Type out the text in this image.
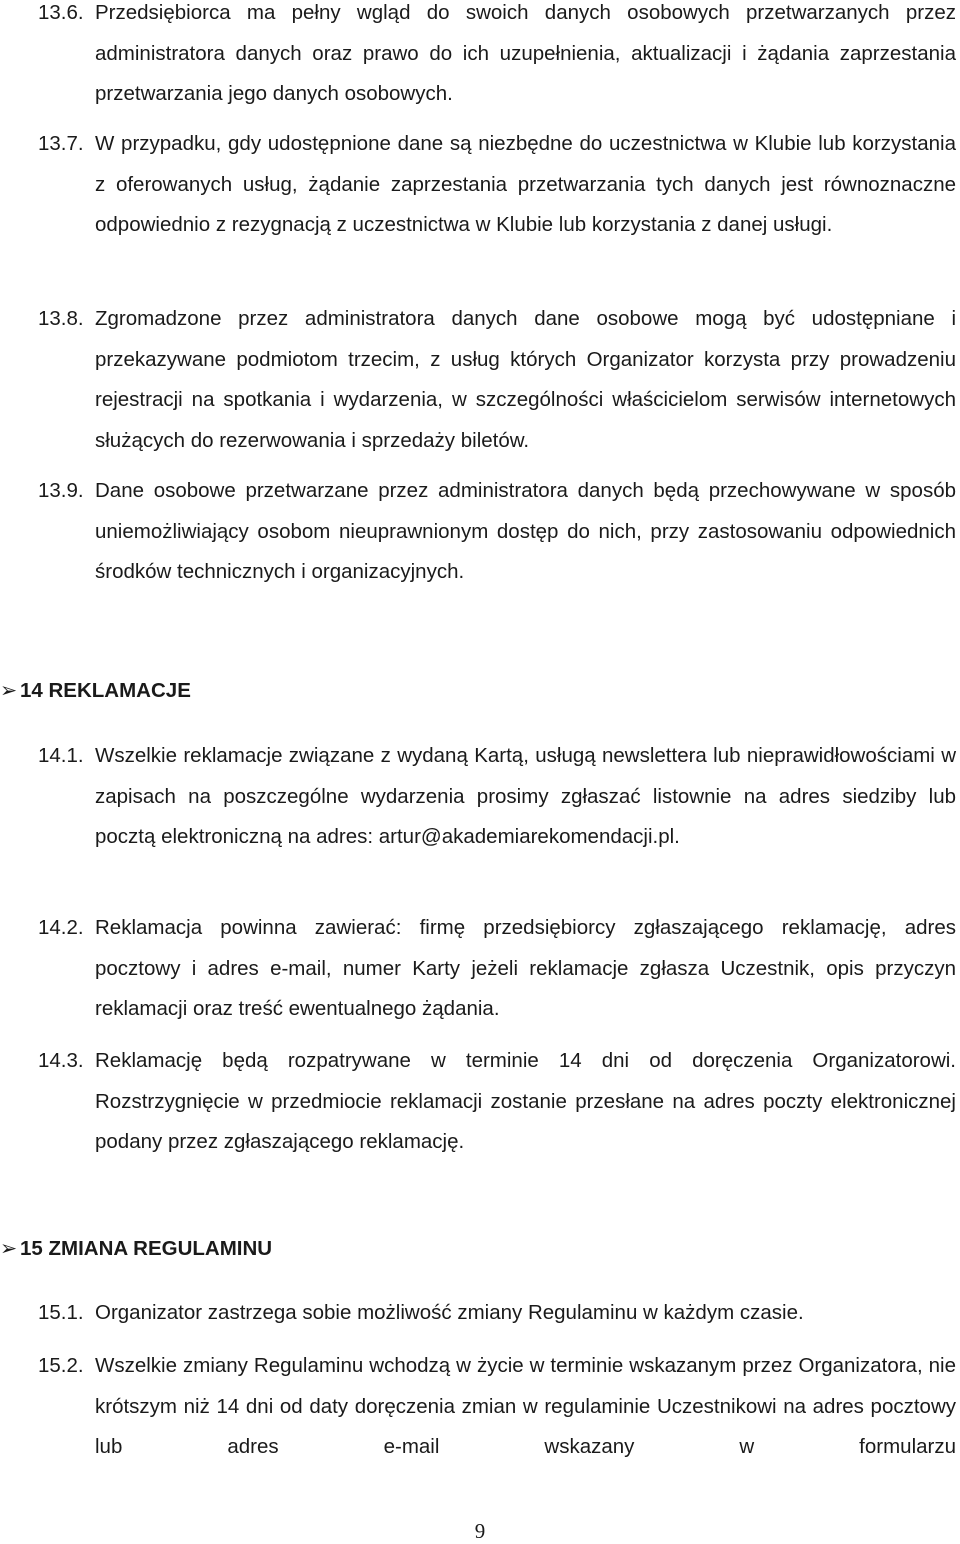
13.6. Przedsiębiorca ma pełny wgląd do swoich danych osobowych przetwarzanych przez administratora danych oraz prawo do ich uzupełnienia, aktualizacji i żądania zaprzestania przetwarzania jego danych osobowych.
13.7. W przypadku, gdy udostępnione dane są niezbędne do uczestnictwa w Klubie lub korzystania z oferowanych usług, żądanie zaprzestania przetwarzania tych danych jest równoznaczne odpowiednio z rezygnacją z uczestnictwa w Klubie lub korzystania z danej usługi.
13.8. Zgromadzone przez administratora danych dane osobowe mogą być udostępniane i przekazywane podmiotom trzecim, z usług których Organizator korzysta przy prowadzeniu rejestracji na spotkania i wydarzenia, w szczególności właścicielom serwisów internetowych służących do rezerwowania i sprzedaży biletów.
13.9. Dane osobowe przetwarzane przez administratora danych będą przechowywane w sposób uniemożliwiający osobom nieuprawnionym dostęp do nich, przy zastosowaniu odpowiednich środków technicznych i organizacyjnych.
➢ 14 REKLAMACJE
14.1. Wszelkie reklamacje związane z wydaną Kartą, usługą newslettera lub nieprawidłowościami w zapisach na poszczególne wydarzenia prosimy zgłaszać listownie na adres siedziby lub pocztą elektroniczną na adres: artur@akademiarekomendacji.pl.
14.2. Reklamacja powinna zawierać: firmę przedsiębiorcy zgłaszającego reklamację, adres pocztowy i adres e-mail, numer Karty jeżeli reklamacje zgłasza Uczestnik, opis przyczyn reklamacji oraz treść ewentualnego żądania.
14.3. Reklamację będą rozpatrywane w terminie 14 dni od doręczenia Organizatorowi. Rozstrzygnięcie w przedmiocie reklamacji zostanie przesłane na adres poczty elektronicznej podany przez zgłaszającego reklamację.
➢ 15 ZMIANA REGULAMINU
15.1. Organizator zastrzega sobie możliwość zmiany Regulaminu w każdym czasie.
15.2. Wszelkie zmiany Regulaminu wchodzą w życie w terminie wskazanym przez Organizatora, nie krótszym niż 14 dni od daty doręczenia zmian w regulaminie Uczestnikowi na adres pocztowy lub adres e-mail wskazany w formularzu
9
